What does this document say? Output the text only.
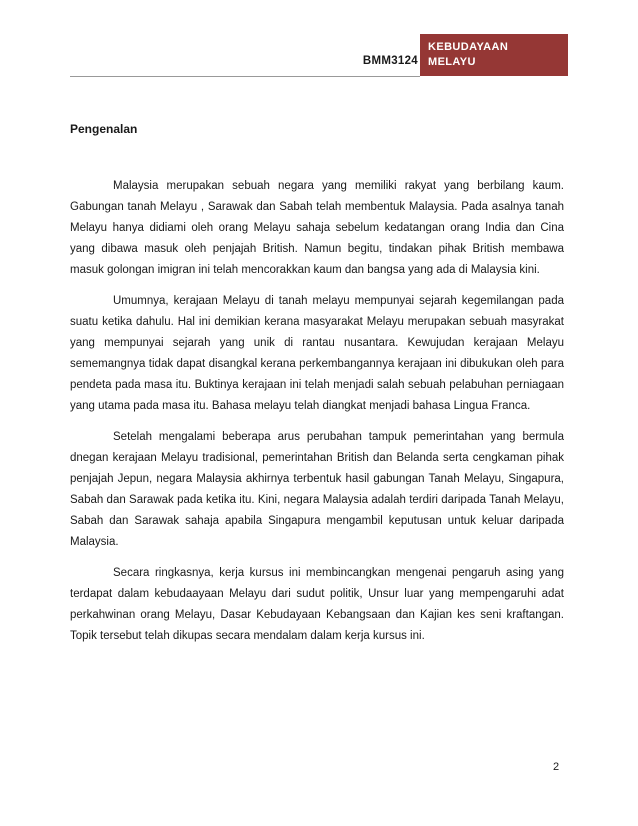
BMM3124
KEBUDAYAAN
MELAYU
Pengenalan

Malaysia merupakan sebuah negara yang memiliki rakyat yang berbilang kaum. Gabungan tanah Melayu , Sarawak dan Sabah telah membentuk Malaysia. Pada asalnya tanah Melayu hanya didiami oleh orang Melayu sahaja sebelum kedatangan orang India dan Cina yang dibawa masuk oleh penjajah British. Namun begitu, tindakan pihak British membawa masuk golongan imigran ini telah mencorakkan kaum dan bangsa yang ada di Malaysia kini.

Umumnya, kerajaan Melayu di tanah melayu mempunyai sejarah kegemilangan pada suatu ketika dahulu. Hal ini demikian kerana masyarakat Melayu merupakan sebuah masyrakat yang mempunyai sejarah yang unik di rantau nusantara. Kewujudan kerajaan Melayu sememangnya tidak dapat disangkal kerana perkembangannya kerajaan ini dibukukan oleh para pendeta pada masa itu. Buktinya kerajaan ini telah menjadi salah sebuah pelabuhan perniagaan yang utama pada masa itu. Bahasa melayu telah diangkat menjadi bahasa Lingua Franca.

Setelah mengalami beberapa arus perubahan tampuk pemerintahan yang bermula dnegan kerajaan Melayu tradisional, pemerintahan British dan Belanda serta cengkaman pihak penjajah Jepun, negara Malaysia akhirnya terbentuk hasil gabungan Tanah Melayu, Singapura, Sabah dan Sarawak pada ketika itu. Kini, negara Malaysia adalah terdiri daripada Tanah Melayu, Sabah dan Sarawak sahaja apabila Singapura mengambil keputusan untuk keluar daripada Malaysia.

Secara ringkasnya, kerja kursus ini membincangkan mengenai pengaruh asing yang terdapat dalam kebudaayaan Melayu dari sudut politik, Unsur luar yang mempengaruhi adat perkahwinan orang Melayu, Dasar Kebudayaan Kebangsaan dan Kajian kes seni kraftangan. Topik tersebut telah dikupas secara mendalam dalam kerja kursus ini.

2
